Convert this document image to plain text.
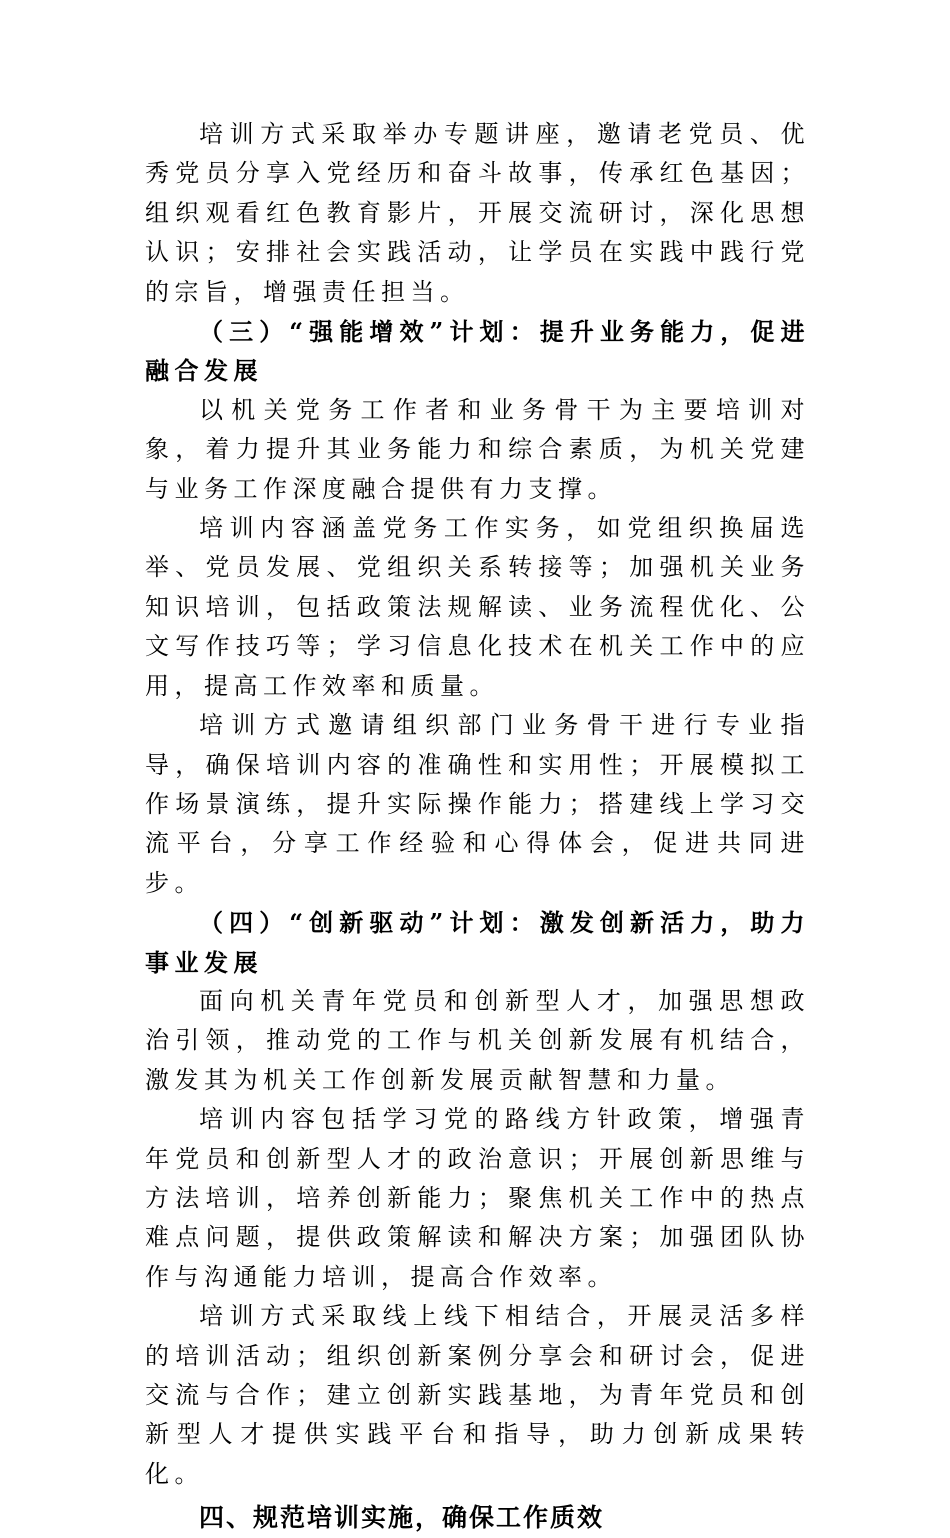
培训方式采取举办专题讲座，邀请老党员、优秀党员分享入党经历和奋斗故事，传承红色基因；组织观看红色教育影片，开展交流研讨，深化思想认识；安排社会实践活动，让学员在实践中践行党的宗旨，增强责任担当。

（三）“强能增效”计划：提升业务能力，促进融合发展

以机关党务工作者和业务骨干为主要培训对象，着力提升其业务能力和综合素质，为机关党建与业务工作深度融合提供有力支撑。

培训内容涵盖党务工作实务，如党组织换届选举、党员发展、党组织关系转接等；加强机关业务知识培训，包括政策法规解读、业务流程优化、公文写作技巧等；学习信息化技术在机关工作中的应用，提高工作效率和质量。

培训方式邀请组织部门业务骨干进行专业指导，确保培训内容的准确性和实用性；开展模拟工作场景演练，提升实际操作能力；搭建线上学习交流平台，分享工作经验和心得体会，促进共同进步。

（四）“创新驱动”计划：激发创新活力，助力事业发展

面向机关青年党员和创新型人才，加强思想政治引领，推动党的工作与机关创新发展有机结合，激发其为机关工作创新发展贡献智慧和力量。

培训内容包括学习党的路线方针政策，增强青年党员和创新型人才的政治意识；开展创新思维与方法培训，培养创新能力；聚焦机关工作中的热点难点问题，提供政策解读和解决方案；加强团队协作与沟通能力培训，提高合作效率。

培训方式采取线上线下相结合，开展灵活多样的培训活动；组织创新案例分享会和研讨会，促进交流与合作；建立创新实践基地，为青年党员和创新型人才提供实践平台和指导，助力创新成果转化。

四、规范培训实施，确保工作质效
